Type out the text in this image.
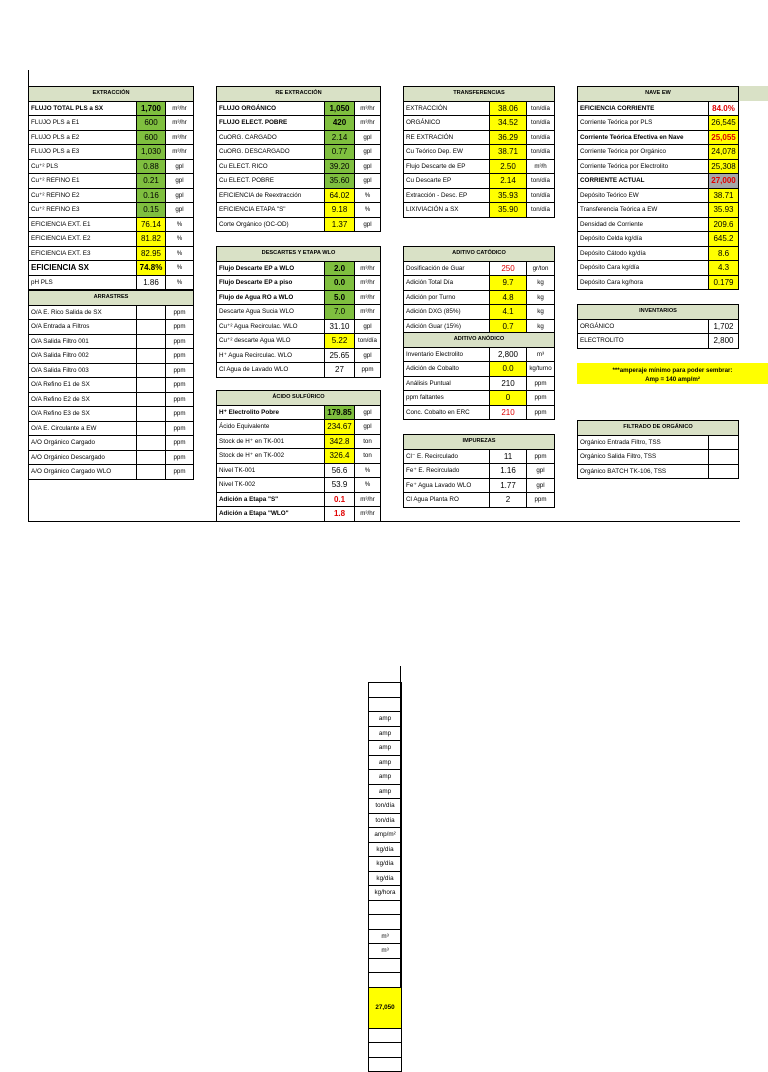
EXTRACCIÓN		
FLUJO TOTAL PLS a SX	1,700	m³/hr
FLUJO PLS a E1	600	m³/hr
FLUJO PLS a E2	600	m³/hr
FLUJO PLS a E3	1,030	m³/hr
Cu⁺² PLS	0.88	gpl
Cu⁺² REFINO E1	0.21	gpl
Cu⁺² REFINO E2	0.16	gpl
Cu⁺² REFINO E3	0.15	gpl
EFICIENCIA EXT. E1	76.14	%
EFICIENCIA EXT. E2	81.82	%
EFICIENCIA EXT. E3	82.95	%
EFICIENCIA SX	74.8%	%
pH PLS	1.86	%
ARRASTRES		
O/A E. Rico Salida de SX		ppm
O/A Entrada a Filtros		ppm
O/A Salida Filtro 001		ppm
O/A Salida Filtro 002		ppm
O/A Salida Filtro 003		ppm
O/A Refino E1 de SX		ppm
O/A Refino E2 de SX		ppm
O/A Refino E3 de SX		ppm
O/A E. Circulante a EW		ppm
A/O Orgánico Cargado		ppm
A/O Orgánico Descargado		ppm
A/O Orgánico Cargado WLO		ppm
RE EXTRACCIÓN		
FLUJO ORGÁNICO	1,050	m³/hr
FLUJO ELECT. POBRE	420	m³/hr
CuORG. CARGADO	2.14	gpl
CuORG. DESCARGADO	0.77	gpl
Cu ELECT. RICO	39.20	gpl
Cu ELECT. POBRE	35.60	gpl
EFICIENCIA de Reextracción	64.02	%
EFICIENCIA ETAPA "S"	9.18	%
Corte Orgánico (OC-OD)	1.37	gpl
DESCARTES Y ETAPA WLO		
Flujo Descarte EP a WLO	2.0	m³/hr
Flujo Descarte EP a piso	0.0	m³/hr
Flujo de Agua RO a WLO	5.0	m³/hr
Descarte Agua Sucia WLO	7.0	m³/hr
Cu⁺² Agua Recirculac. WLO	31.10	gpl
Cu⁺² descarte Agua WLO	5.22	ton/día
H⁺ Agua Recirculac. WLO	25.65	gpl
Cl Agua de Lavado WLO	27	ppm
ÁCIDO SULFÚRICO		
H⁺ Electrolito Pobre	179.85	gpl
Ácido Equivalente	234.67	gpl
Stock de H⁺ en TK-001	342.8	ton
Stock de H⁺ en TK-002	326.4	ton
Nivel TK-001	56.6	%
Nivel TK-002	53.9	%
Adición a Etapa "S"	0.1	m³/hr
Adición a Etapa "WLO"	1.8	m³/hr
TRANSFERENCIAS		
EXTRACCIÓN	38.06	ton/día
ORGÁNICO	34.52	ton/día
RE EXTRACIÓN	36.29	ton/día
Cu Teórico Dep. EW	38.71	ton/día
Flujo Descarte de EP	2.50	m³/h
Cu Descarte EP	2.14	ton/día
Extracción - Desc. EP	35.93	ton/día
LIXIVIACIÓN a SX	35.90	ton/día
ADITIVO CATÓDICO		
Dosificación de Guar	250	gr/ton
Adición Total Día	9.7	kg
Adición por Turno	4.8	kg
Adición DXG (85%)	4.1	kg
Adición Guar (15%)	0.7	kg
ADITIVO ANÓDICO		
Inventario Electrolito	2,800	m³
Adición de Cobalto	0.0	kg/turno
Análisis Puntual	210	ppm
ppm faltantes	0	ppm
Conc. Cobalto en ERC	210	ppm
IMPUREZAS		
Cl⁻ E. Recirculado	11	ppm
Fe⁺ E. Recirculado	1.16	gpl
Fe⁺ Agua Lavado WLO	1.77	gpl
Cl Agua Planta RO	2	ppm
NAVE EW	
EFICIENCIA CORRIENTE	84.0%
Corriente Teórica por PLS	26,545
Corriente Teórica Efectiva en Nave	25,055
Corriente Teórica por Orgánico	24,078
Corriente Teórica por Electrolito	25,308
CORRIENTE ACTUAL	27,000
Depósito Teórico EW	38.71
Transferencia Teórica a EW	35.93
Densidad de Corriente	209.6
Depósito Celda kg/día	645.2
Depósito Cátodo kg/día	8.6
Depósito Cara kg/día	4.3
Depósito Cara kg/hora	0.179
INVENTARIOS	
ORGÁNICO	1,702
ELECTROLITO	2,800
FILTRADO DE ORGÁNICO	
Orgánico Entrada Filtro, TSS	
Orgánico Salida Filtro, TSS	
Orgánico BATCH TK-106, TSS	
***amperaje mínimo para poder sembrar:
Amp = 140 amp/m²

amp
amp
amp
amp
amp
amp
ton/día
ton/día
amp/m²
kg/día
kg/día
kg/día
kg/hora

m³
m³

27,050
